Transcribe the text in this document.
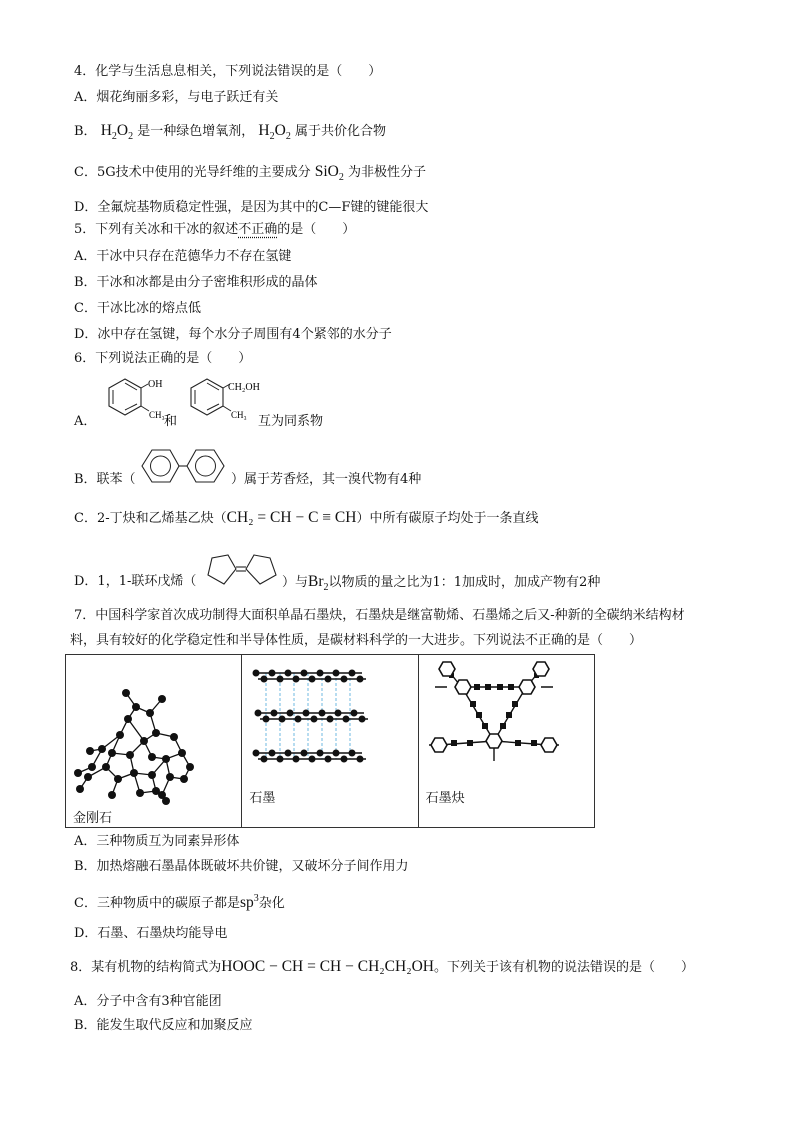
4．化学与生活息息相关，下列说法错误的是（　　）
A．烟花绚丽多彩，与电子跃迁有关
B． $H_2O_2$ 是一种绿色增氧剂， $H_2O_2$ 属于共价化合物
C．5G技术中使用的光导纤维的主要成分 SiO$_2$ 为非极性分子
D．全氟烷基物质稳定性强，是因为其中的C—F键的键能很大
5．下列有关冰和干冰的叙述不正确的是（　　）
A．干冰中只存在范德华力不存在氢键
B．干冰和冰都是由分子密堆积形成的晶体
C．干冰比冰的熔点低
D．冰中存在氢键，每个水分子周围有4个紧邻的水分子
6．下列说法正确的是（　　）
A．
OH
CH₃ 和
CH₂OH
CH₃ 互为同系物
B．联苯（	）属于芳香烃，其一溴代物有4种
C．2-丁炔和乙烯基乙炔（CH₂ = CH − C ≡ CH）中所有碳原子均处于一条直线
D．1，1-联环戊烯（	）与$Br_2$以物质的量之比为1：1加成时，加成产物有2种
7．中国科学家首次成功制得大面积单晶石墨炔，石墨炔是继富勒烯、石墨烯之后又-种新的全碳纳米结构材
料，具有较好的化学稳定性和半导体性质，是碳材料科学的一大进步。下列说法不正确的是（　　）
金刚石

石墨	石墨炔
A．三种物质互为同素异形体
B．加热熔融石墨晶体既破坏共价键，又破坏分子间作用力
C．三种物质中的碳原子都是$sp^3$杂化
D．石墨、石墨炔均能导电
8．某有机物的结构简式为HOOC − CH = CH − CH₂CH₂OH。下列关于该有机物的说法错误的是（　　）
A．分子中含有3种官能团
B．能发生取代反应和加聚反应
